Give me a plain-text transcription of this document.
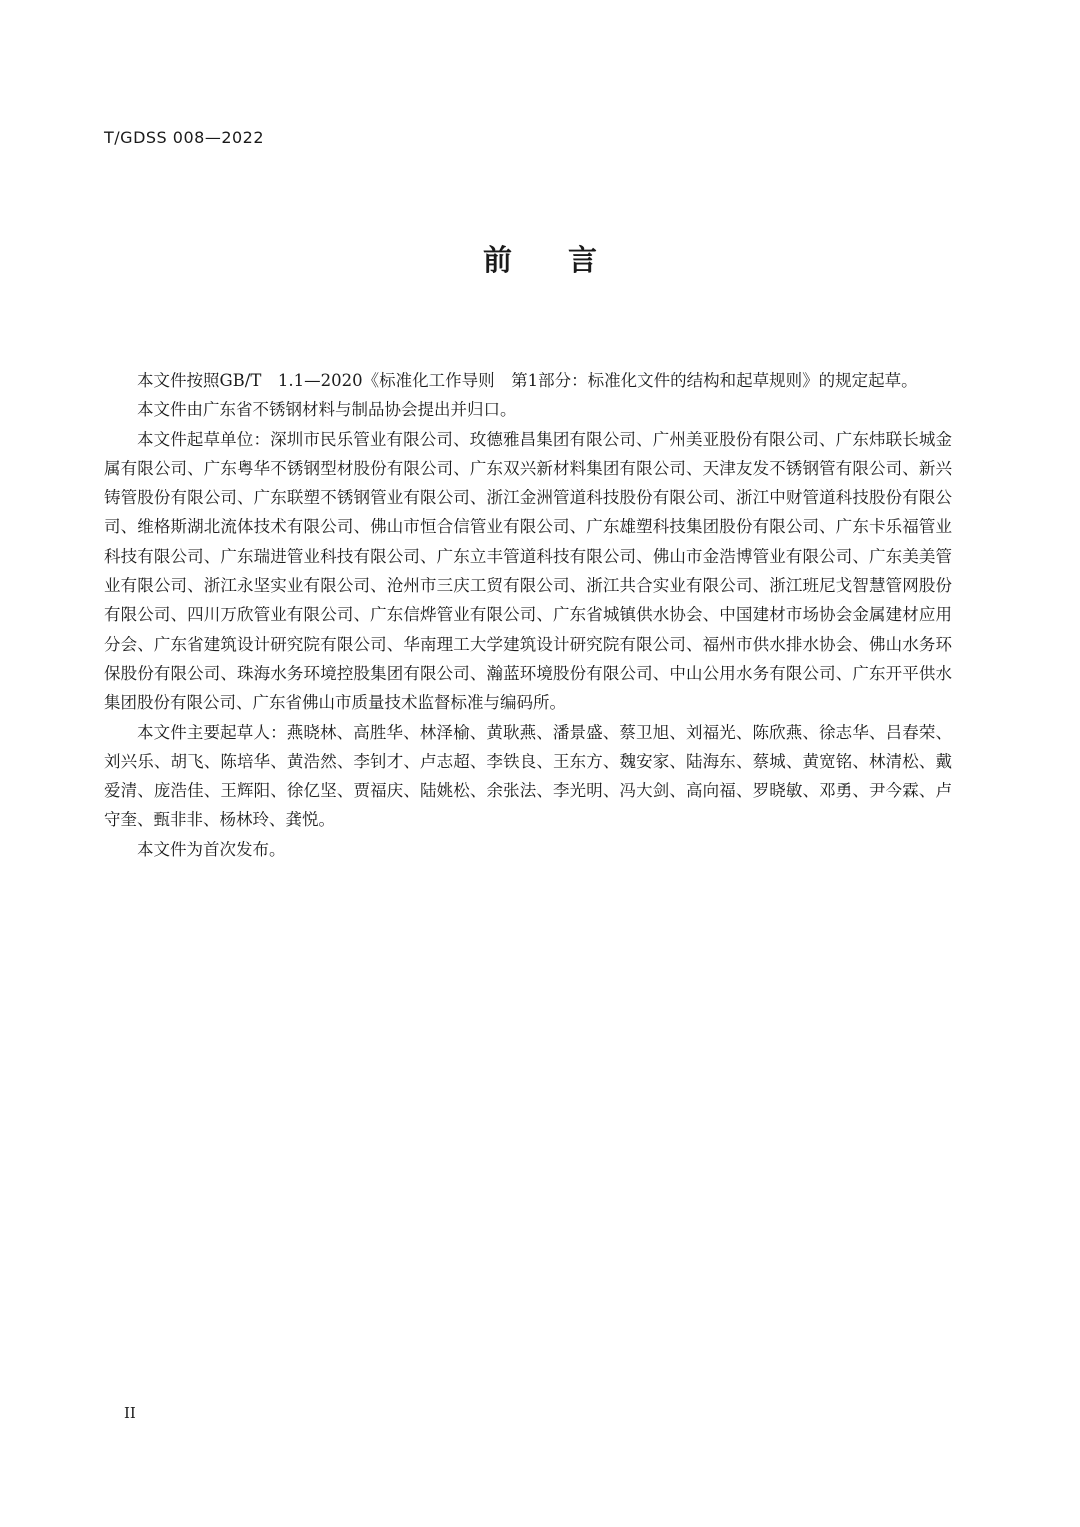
T/GDSS 008—2022
前言

本文件按照GB/T　1.1—2020《标准化工作导则　第1部分：标准化文件的结构和起草规则》的规定起草。

本文件由广东省不锈钢材料与制品协会提出并归口。

本文件起草单位：深圳市民乐管业有限公司、玫德雅昌集团有限公司、广州美亚股份有限公司、广东炜联长城金属有限公司、广东粤华不锈钢型材股份有限公司、广东双兴新材料集团有限公司、天津友发不锈钢管有限公司、新兴铸管股份有限公司、广东联塑不锈钢管业有限公司、浙江金洲管道科技股份有限公司、浙江中财管道科技股份有限公司、维格斯湖北流体技术有限公司、佛山市恒合信管业有限公司、广东雄塑科技集团股份有限公司、广东卡乐福管业科技有限公司、广东瑞进管业科技有限公司、广东立丰管道科技有限公司、佛山市金浩博管业有限公司、广东美美管业有限公司、浙江永坚实业有限公司、沧州市三庆工贸有限公司、浙江共合实业有限公司、浙江班尼戈智慧管网股份有限公司、四川万欣管业有限公司、广东信烨管业有限公司、广东省城镇供水协会、中国建材市场协会金属建材应用分会、广东省建筑设计研究院有限公司、华南理工大学建筑设计研究院有限公司、福州市供水排水协会、佛山水务环保股份有限公司、珠海水务环境控股集团有限公司、瀚蓝环境股份有限公司、中山公用水务有限公司、广东开平供水集团股份有限公司、广东省佛山市质量技术监督标准与编码所。

本文件主要起草人：燕晓林、高胜华、林泽榆、黄耿燕、潘景盛、蔡卫旭、刘福光、陈欣燕、徐志华、吕春荣、刘兴乐、胡飞、陈培华、黄浩然、李钊才、卢志超、李铁良、王东方、魏安家、陆海东、蔡城、黄宽铭、林清松、戴爱清、庞浩佳、王辉阳、徐亿坚、贾福庆、陆姚松、余张法、李光明、冯大剑、高向福、罗晓敏、邓勇、尹今霖、卢守奎、甄非非、杨林玲、龚悦。

本文件为首次发布。

II
